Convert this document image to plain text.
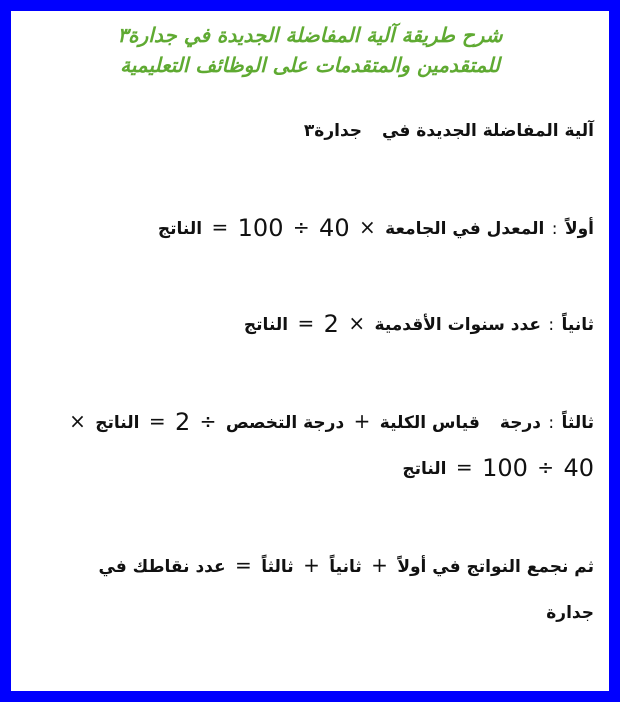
شرح طريقة آلية المفاضلة الجديدة في جدارة٣
للمتقدمين والمتقدمات على الوظائف التعليمية
آلية المفاضلة الجديدة فيجدارة٣
أولاً : المعدل في الجامعة × 40 ÷ 100 = الناتج
ثانياً : عدد سنوات الأقدمية × 2 = الناتج
ثالثاً : درجةقياس الكلية + درجة التخصص ÷ 2 = الناتج ×
40 ÷ 100 = الناتج
ثم نجمع النواتج في أولاً + ثانياً + ثالثاً = عدد نقاطك في
جدارة
